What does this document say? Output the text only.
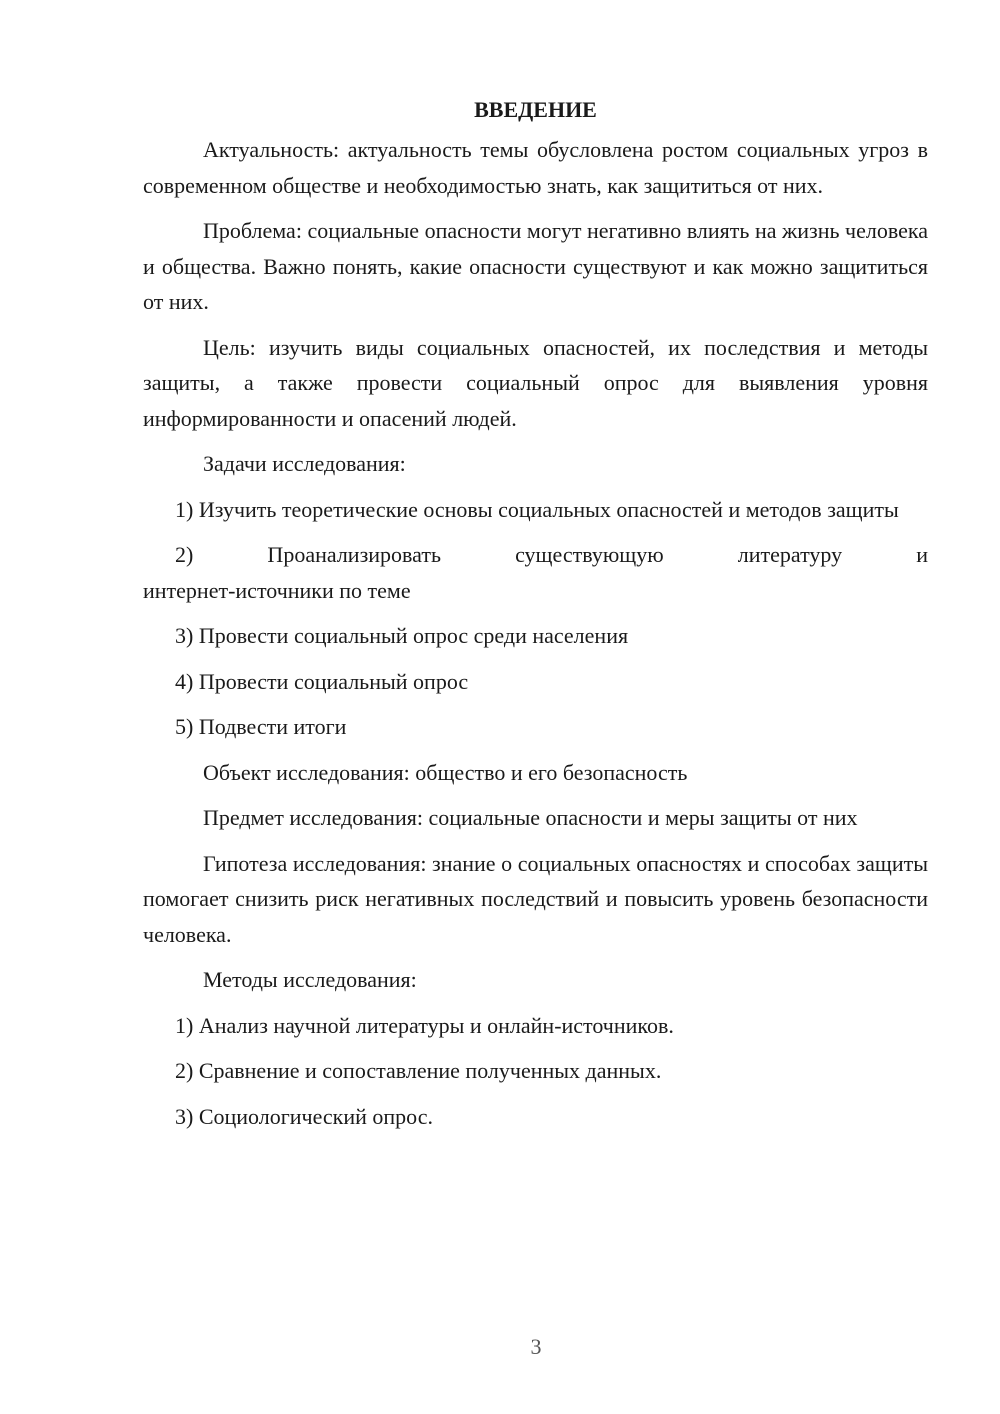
ВВЕДЕНИЕ

Актуальность: актуальность темы обусловлена ростом социальных угроз в современном обществе и необходимостью знать, как защититься от них.

Проблема: социальные опасности могут негативно влиять на жизнь человека и общества. Важно понять, какие опасности существуют и как можно защититься от них.

Цель: изучить виды социальных опасностей, их последствия и методы защиты, а также провести социальный опрос для выявления уровня информированности и опасений людей.

Задачи исследования:

1) Изучить теоретические основы социальных опасностей и методов защиты

2) Проанализировать существующую литературу и

интернет-источники по теме

3) Провести социальный опрос среди населения

4) Провести социальный опрос

5) Подвести итоги

Объект исследования: общество и его безопасность

Предмет исследования: социальные опасности и меры защиты от них

Гипотеза исследования: знание о социальных опасностях и способах защиты помогает снизить риск негативных последствий и повысить уровень безопасности человека.

Методы исследования:

1) Анализ научной литературы и онлайн-источников.

2) Сравнение и сопоставление полученных данных.

3) Социологический опрос.

3
